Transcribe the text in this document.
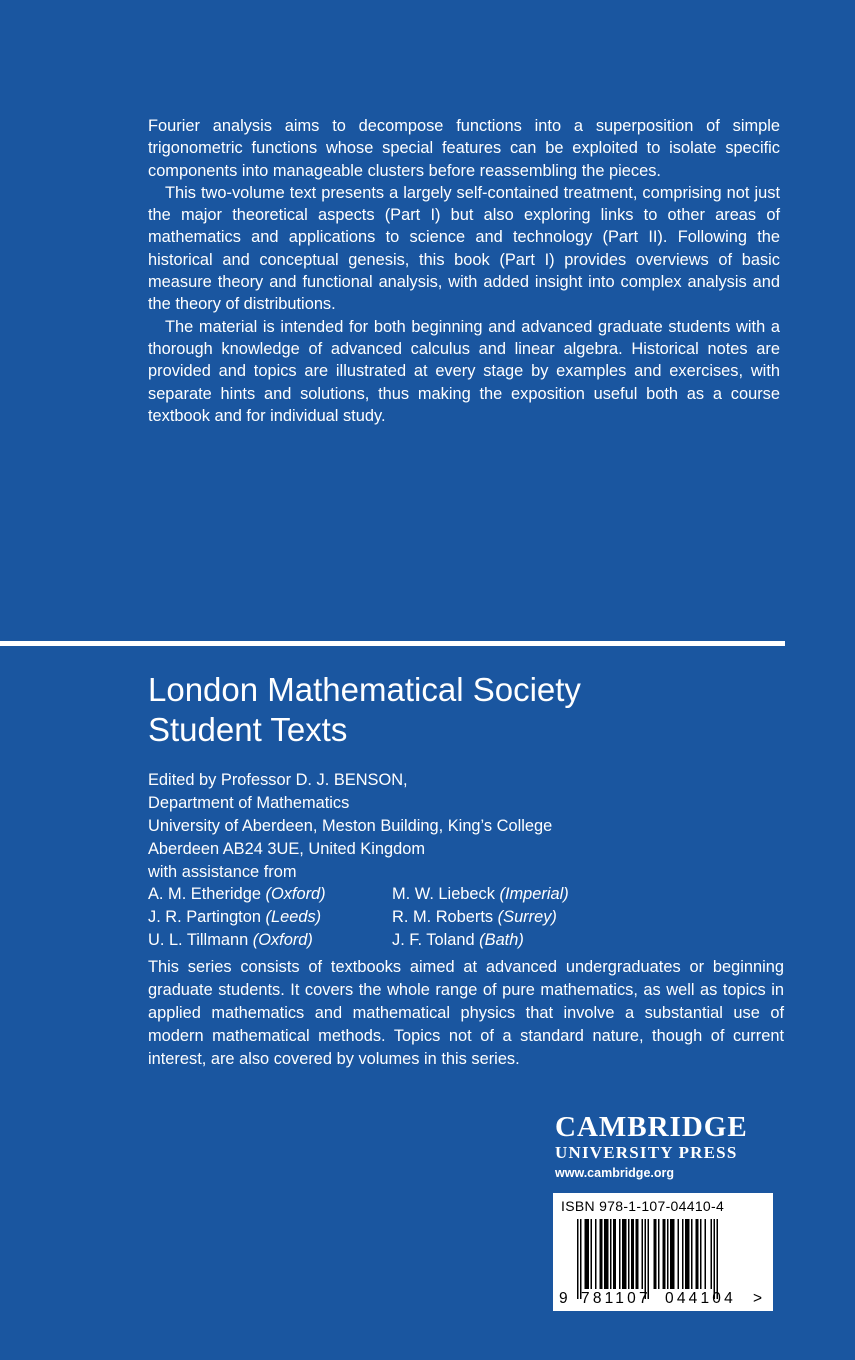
Fourier analysis aims to decompose functions into a superposition of simple trigonometric functions whose special features can be exploited to isolate specific components into manageable clusters before reassembling the pieces.

This two-volume text presents a largely self-contained treatment, comprising not just the major theoretical aspects (Part I) but also exploring links to other areas of mathematics and applications to science and technology (Part II). Following the historical and conceptual genesis, this book (Part I) provides overviews of basic measure theory and functional analysis, with added insight into complex analysis and the theory of distributions.

The material is intended for both beginning and advanced graduate students with a thorough knowledge of advanced calculus and linear algebra. Historical notes are provided and topics are illustrated at every stage by examples and exercises, with separate hints and solutions, thus making the exposition useful both as a course textbook and for individual study.

London Mathematical Society
Student Texts
Edited by Professor D. J. BENSON,
Department of Mathematics
University of Aberdeen, Meston Building, King’s College
Aberdeen AB24 3UE, United Kingdom
with assistance from
A. M. Etheridge (Oxford)	M. W. Liebeck (Imperial)
J. R. Partington (Leeds)	R. M. Roberts (Surrey)
U. L. Tillmann (Oxford)	J. F. Toland (Bath)

This series consists of textbooks aimed at advanced undergraduates or beginning graduate students. It covers the whole range of pure mathematics, as well as topics in applied mathematics and mathematical physics that involve a substantial use of modern mathematical methods. Topics not of a standard nature, though of current interest, are also covered by volumes in this series.

CAMBRIDGE
UNIVERSITY PRESS
www.cambridge.org
ISBN 978-1-107-04410-4
9 781107 044104 >
